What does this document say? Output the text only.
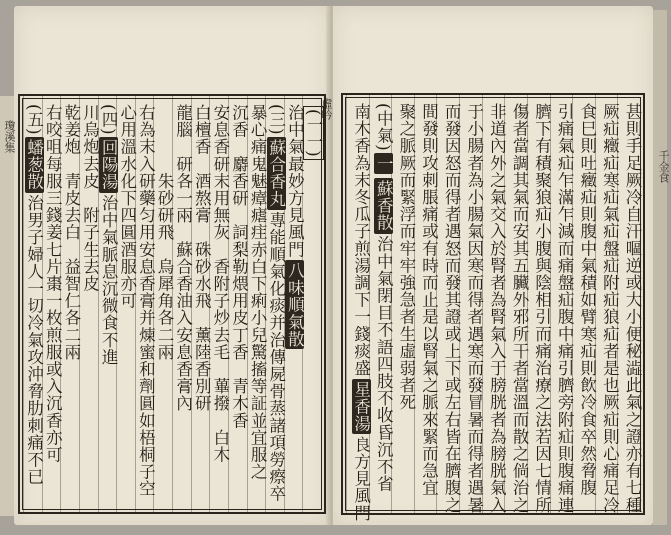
(一一)
治中氣最妙方見風門八味順氣散
(三)蘇合香丸專能順氣化痰并治傳屍骨蒸諸項勞瘵卒
暴心痛鬼魅瘴瘧疰赤白下痢小兒驚搐等証並宜服之
沉香　麝香研　詞梨勒煨用皮丁香　青木香
安息香研末用無灰　香附子炒去毛　蓽撥　白木
白檀香　酒熬膏　硃砂水飛　薰陸香別研
龍腦　研各一兩　蘇合香油入安息香膏內
　　　　朱砂研飛　烏犀角各二兩
右為末入研藥匀用安息香膏并煉蜜和劑圓如梧桐子空
心用溫水化下四圓酒服亦可
(四)回陽湯治中氣脈息沉微食不進
川烏炮去皮　附子生去皮
乾姜炮　青皮去白　益智仁各二兩
右咬咀每服三錢姜七片棗一枚煎服或入沉香亦可
(五)蟠葱散治男子婦人一切冷氣攻沖脅肋刺痛不已	甚則手足厥冷自汗嘔逆或大小便秘澁此氣之證亦有七種
厥疝癥疝寒疝氣疝盤疝附疝狼疝者是也厥疝則心痛足冷
食巳則吐癥疝則腹中氣積如臂寒疝則飲冷食卒然脅腹
引痛氣疝乍滿乍減而痛盤疝腹中痛引臍旁附疝則腹痛連
臍下有積聚狼疝小腹與陰相引而痛治療之法若因七情所
傷者當調其氣而安其五臟外邪所干者當溫而散之倘治之
非道內外之氣交入於腎者為腎氣入于膀胱者為膀胱氣入
于小腸者為小腸氣因寒而得者遇寒而發冒暑而得者遇暑
而發因怒而得者遇怒而發其證或上下或左右皆在臍腹之
間發則攻刺脹痛或有時而止是以腎氣之脈來緊而急宜
聚之脈厥而緊浮而牢牢強急者生虛弱者死
(中氣)一蘇香散治中氣閉目不語四肢不收昏沉不省
南木香為末冬瓜子煎湯調下一錢痰盛星香湯良方見風門
瓊溪集
千金食
虛吟
